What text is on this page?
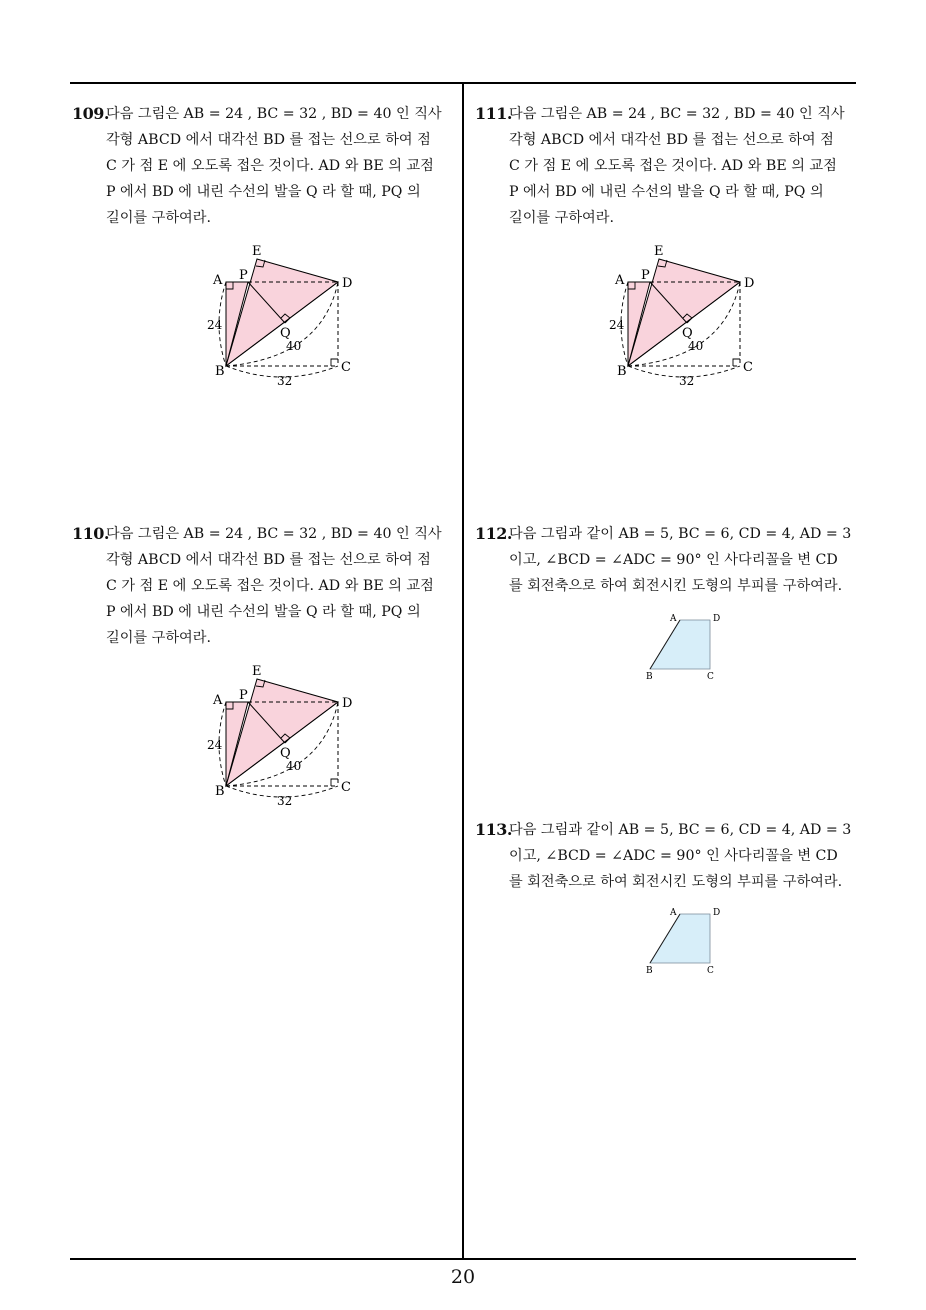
109.
다음 그림은 AB = 24 , BC = 32 , BD = 40 인 직사
각형 ABCD 에서 대각선 BD 를 접는 선으로 하여 점
C 가 점 E 에 오도록 접은 것이다. AD 와 BE 의 교점
P 에서 BD 에 내린 수선의 발을 Q 라 할 때, PQ 의
길이를 구하여라.
110.
다음 그림은 AB = 24 , BC = 32 , BD = 40 인 직사
각형 ABCD 에서 대각선 BD 를 접는 선으로 하여 점
C 가 점 E 에 오도록 접은 것이다. AD 와 BE 의 교점
P 에서 BD 에 내린 수선의 발을 Q 라 할 때, PQ 의
길이를 구하여라.
111.
다음 그림은 AB = 24 , BC = 32 , BD = 40 인 직사
각형 ABCD 에서 대각선 BD 를 접는 선으로 하여 점
C 가 점 E 에 오도록 접은 것이다. AD 와 BE 의 교점
P 에서 BD 에 내린 수선의 발을 Q 라 할 때, PQ 의
길이를 구하여라.
112.
다음 그림과 같이 AB = 5, BC = 6, CD = 4, AD = 3
이고, ∠BCD = ∠ADC = 90° 인 사다리꼴을 변 CD
를 회전축으로 하여 회전시킨 도형의 부피를 구하여라.
113.
다음 그림과 같이 AB = 5, BC = 6, CD = 4, AD = 3
이고, ∠BCD = ∠ADC = 90° 인 사다리꼴을 변 CD
를 회전축으로 하여 회전시킨 도형의 부피를 구하여라.
E
A P
D
Q
B	C
24
40
32
E
A P
D
Q
B	C
24
40
32
E
A P
D
Q
B	C
24
40
32
A	D
B	C
A	D
B	C
20
